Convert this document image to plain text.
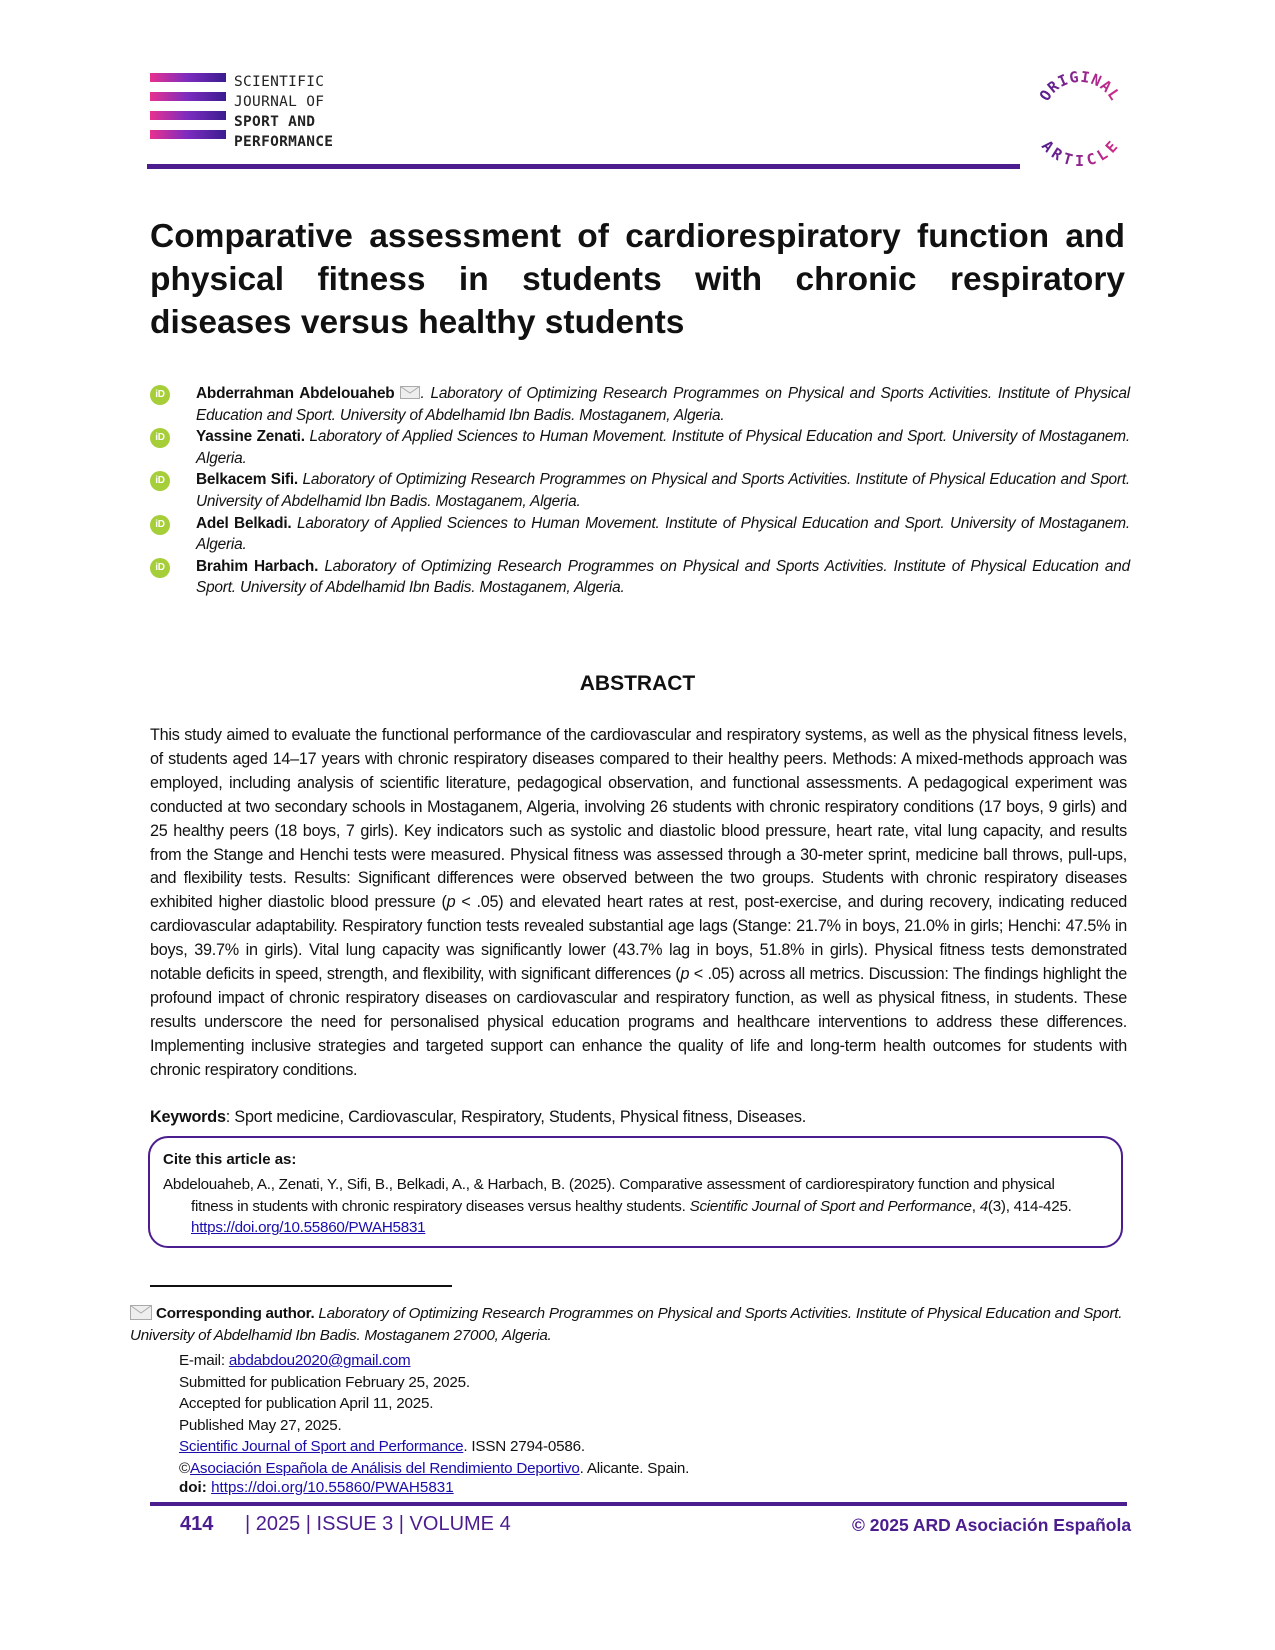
SCIENTIFIC
JOURNAL OF
SPORT AND
PERFORMANCE
ORIGINAL
ARTICLE
Comparative assessment of cardiorespiratory function and physical fitness in students with chronic respiratory diseases versus healthy students
iD	Abderrahman Abdelouaheb . Laboratory of Optimizing Research Programmes on Physical and Sports Activities. Institute of Physical Education and Sport. University of Abdelhamid Ibn Badis. Mostaganem, Algeria.
iD	Yassine Zenati. Laboratory of Applied Sciences to Human Movement. Institute of Physical Education and Sport. University of Mostaganem. Algeria.
iD	Belkacem Sifi. Laboratory of Optimizing Research Programmes on Physical and Sports Activities. Institute of Physical Education and Sport. University of Abdelhamid Ibn Badis. Mostaganem, Algeria.
iD	Adel Belkadi. Laboratory of Applied Sciences to Human Movement. Institute of Physical Education and Sport. University of Mostaganem. Algeria.
iD	Brahim Harbach. Laboratory of Optimizing Research Programmes on Physical and Sports Activities. Institute of Physical Education and Sport. University of Abdelhamid Ibn Badis. Mostaganem, Algeria.
ABSTRACT
This study aimed to evaluate the functional performance of the cardiovascular and respiratory systems, as well as the physical fitness levels, of students aged 14–17 years with chronic respiratory diseases compared to their healthy peers. Methods: A mixed-methods approach was employed, including analysis of scientific literature, pedagogical observation, and functional assessments. A pedagogical experiment was conducted at two secondary schools in Mostaganem, Algeria, involving 26 students with chronic respiratory conditions (17 boys, 9 girls) and 25 healthy peers (18 boys, 7 girls). Key indicators such as systolic and diastolic blood pressure, heart rate, vital lung capacity, and results from the Stange and Henchi tests were measured. Physical fitness was assessed through a 30-meter sprint, medicine ball throws, pull-ups, and flexibility tests. Results: Significant differences were observed between the two groups. Students with chronic respiratory diseases exhibited higher diastolic blood pressure (p < .05) and elevated heart rates at rest, post-exercise, and during recovery, indicating reduced cardiovascular adaptability. Respiratory function tests revealed substantial age lags (Stange: 21.7% in boys, 21.0% in girls; Henchi: 47.5% in boys, 39.7% in girls). Vital lung capacity was significantly lower (43.7% lag in boys, 51.8% in girls). Physical fitness tests demonstrated notable deficits in speed, strength, and flexibility, with significant differences (p < .05) across all metrics. Discussion: The findings highlight the profound impact of chronic respiratory diseases on cardiovascular and respiratory function, as well as physical fitness, in students. These results underscore the need for personalised physical education programs and healthcare interventions to address these differences. Implementing inclusive strategies and targeted support can enhance the quality of life and long-term health outcomes for students with chronic respiratory conditions.
Keywords: Sport medicine, Cardiovascular, Respiratory, Students, Physical fitness, Diseases.
Cite this article as:
Abdelouaheb, A., Zenati, Y., Sifi, B., Belkadi, A., & Harbach, B. (2025). Comparative assessment of cardiorespiratory function and physical
fitness in students with chronic respiratory diseases versus healthy students. Scientific Journal of Sport and Performance, 4(3), 414-425.
https://doi.org/10.55860/PWAH5831
Corresponding author. Laboratory of Optimizing Research Programmes on Physical and Sports Activities. Institute of Physical Education and Sport. University of Abdelhamid Ibn Badis. Mostaganem 27000, Algeria.
E-mail: abdabdou2020@gmail.com
Submitted for publication February 25, 2025.
Accepted for publication April 11, 2025.
Published May 27, 2025.
Scientific Journal of Sport and Performance. ISSN 2794-0586.
©Asociación Española de Análisis del Rendimiento Deportivo. Alicante. Spain.
doi: https://doi.org/10.55860/PWAH5831
414 | 2025 | ISSUE 3 | VOLUME 4	© 2025 ARD Asociación Española
